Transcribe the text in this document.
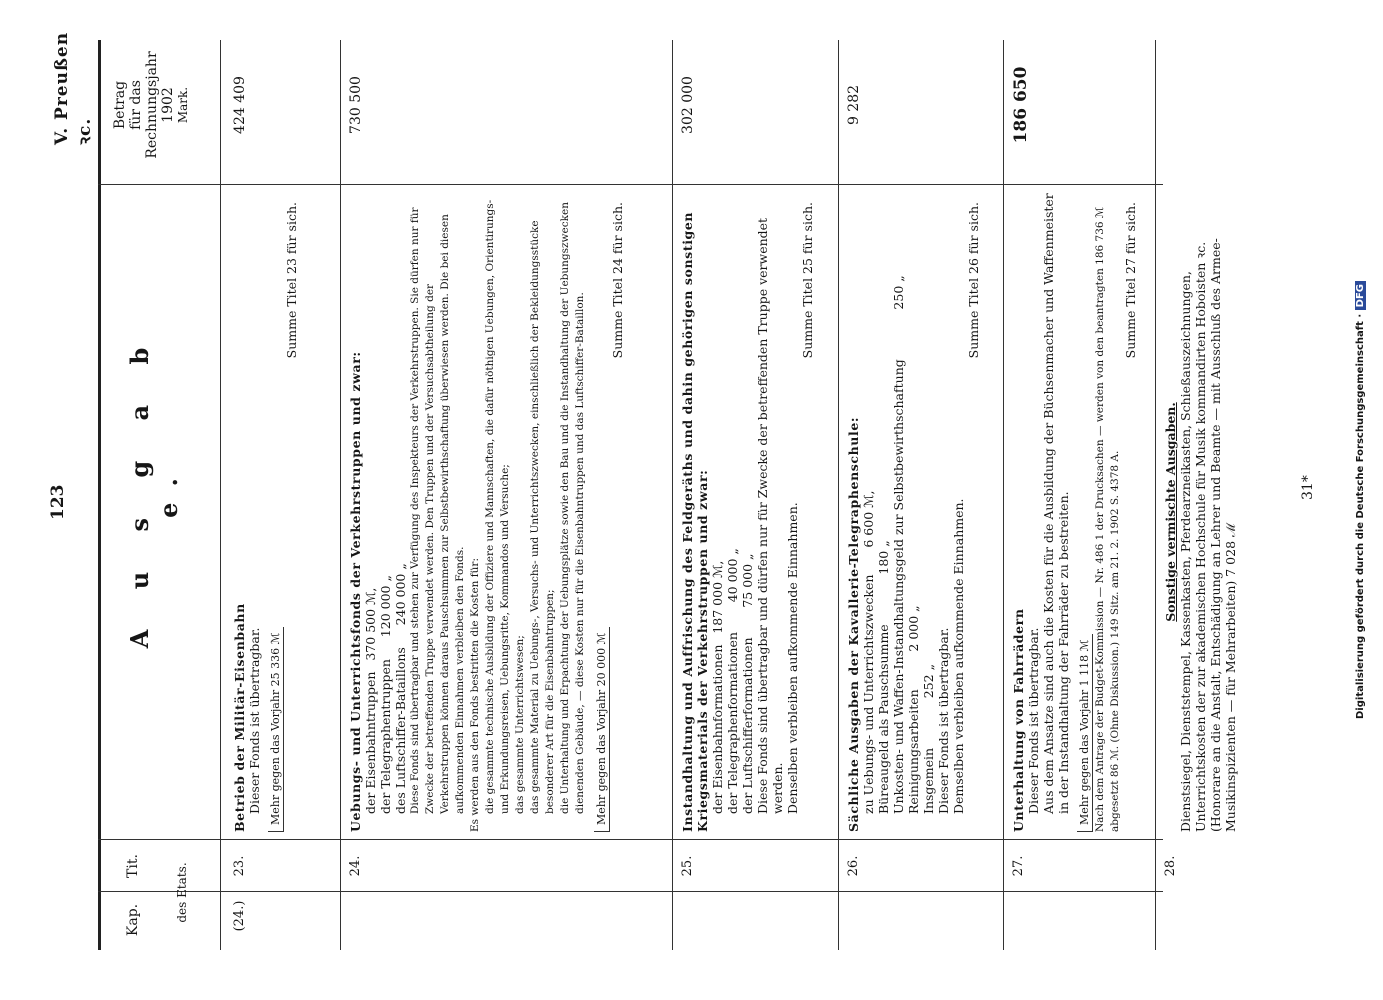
123
V. Preußen ꝛc.
Kap.
Tit.	des Etats.
A u s g a b e.
Betrag für das Rechnungsjahr 1902 Mark.
(24.)
23.
Betrieb der Militär-Eisenbahn Dieser Fonds ist übertragbar. Mehr gegen das Vorjahr 25 336 ℳ
Summe Titel 23 für sich.
424 409
24.
Uebungs- und Unterrichtsfonds der Verkehrstruppen und zwar: der Eisenbahntruppen 370 500 ℳ,
der Telegraphentruppen 120 000 „
des Luftschiffer-Bataillons 240 000 „ Diese Fonds sind übertragbar und stehen zur Verfügung des Inspekteurs der Verkehrstruppen. Sie dürfen nur für Zwecke der betreffenden Truppe verwendet werden. Den Truppen und der Versuchsabtheilung der Verkehrstruppen können daraus Pauschsummen zur Selbstbewirthschaftung überwiesen werden. Die bei diesen aufkommenden Einnahmen verbleiben den Fonds. Es werden aus den Fonds bestritten die Kosten für: die gesammte technische Ausbildung der Offiziere und Mannschaften, die dafür nöthigen Uebungen, Orientirungs- und Erkundungsreisen, Uebungsritte, Kommandos und Versuche; das gesammte Unterrichtswesen; das gesammte Material zu Uebungs-, Versuchs- und Unterrichtszwecken, einschließlich der Bekleidungsstücke besonderer Art für die Eisenbahntruppen; die Unterhaltung und Erpachtung der Uebungsplätze sowie den Bau und die Instandhaltung der Uebungszwecken dienenden Gebäude, — diese Kosten nur für die Eisenbahntruppen und das Luftschiffer-Bataillon. Mehr gegen das Vorjahr 20 000 ℳ
Summe Titel 24 für sich.
730 500
25.
Instandhaltung und Auffrischung des Feldgeräths und dahin gehörigen sonstigen Kriegsmaterials der Verkehrstruppen und zwar: der Eisenbahnformationen 187 000 ℳ,
der Telegraphenformationen 40 000 „
der Luftschifferformationen 75 000 „ Diese Fonds sind übertragbar und dürfen nur für Zwecke der betreffenden Truppe verwendet werden. Denselben verbleiben aufkommende Einnahmen.
Summe Titel 25 für sich.
302 000
26.
Sächliche Ausgaben der Kavallerie-Telegraphenschule: zu Uebungs- und Unterrichtszwecken 6 600 ℳ,
Büreaugeld als Pauschsumme 180 „ Unkosten- und Waffen-Instandhaltungsgeld zur Selbstbewirthschaftung 250 „
Reinigungsarbeiten 2 000 „
Insgemein 252 „ Dieser Fonds ist übertragbar. Demselben verbleiben aufkommende Einnahmen.
Summe Titel 26 für sich.
9 282
27.
Unterhaltung von Fahrrädern Dieser Fonds ist übertragbar. Aus dem Ansatze sind auch die Kosten für die Ausbildung der Büchsenmacher und Waffenmeister in der Instandhaltung der Fahrräder zu bestreiten. Mehr gegen das Vorjahr 1 118 ℳ Nach dem Antrage der Budget-Kommission — Nr. 486 1 der Drucksachen — werden von den beantragten 186 736 ℳ abgesetzt 86 ℳ. (Ohne Diskussion.) 149 Sitz. am 21. 2. 1902 S. 4378 A.
Summe Titel 27 für sich.
186 650
28.
Sonstige vermischte Ausgaben. Dienstsiegel, Dienststempel, Kassenkasten, Pferdearzneikasten, Schießauszeichnungen, Unterrichtskosten der zur akademischen Hochschule für Musik kommandirten Hoboisten ꝛc. (Honorare an die Anstalt, Entschädigung an Lehrer und Beamte — mit Ausschluß des Armee-Musikinspizienten — für Mehrarbeiten) 7 028 ℳ
31*	Digitalisierung gefördert durch die Deutsche Forschungsgemeinschaft · DFG
